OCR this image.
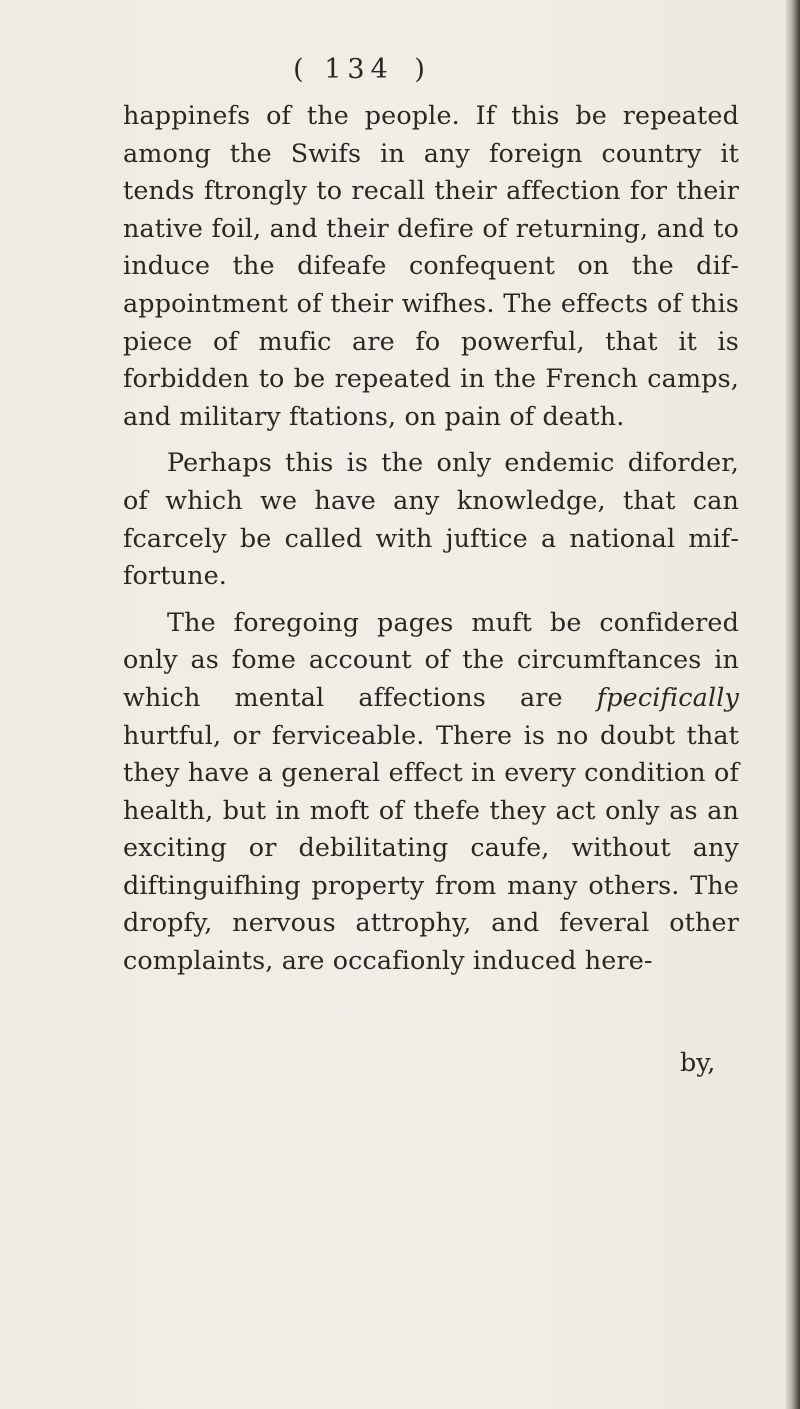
( 134 )

happinefs of the people. If this be repeated among the Swifs in any foreign country it tends ftrongly to recall their affection for their native foil, and their defire of returning, and to induce the difeafe confequent on the difappointment of their wifhes. The effects of this piece of mufic are fo powerful, that it is forbidden to be repeated in the French camps, and military ftations, on pain of death.

Perhaps this is the only endemic diforder, of which we have any knowledge, that can fcarcely be called with juftice a national miffortune.

The foregoing pages muft be confidered only as fome account of the circumftances in which mental affections are fpecifically hurtful, or ferviceable. There is no doubt that they have a general effect in every condition of health, but in moft of thefe they act only as an exciting or debilitating caufe, without any diftinguifhing property from many others. The dropfy, nervous attrophy, and feveral other complaints, are occafionly induced here-

by,
